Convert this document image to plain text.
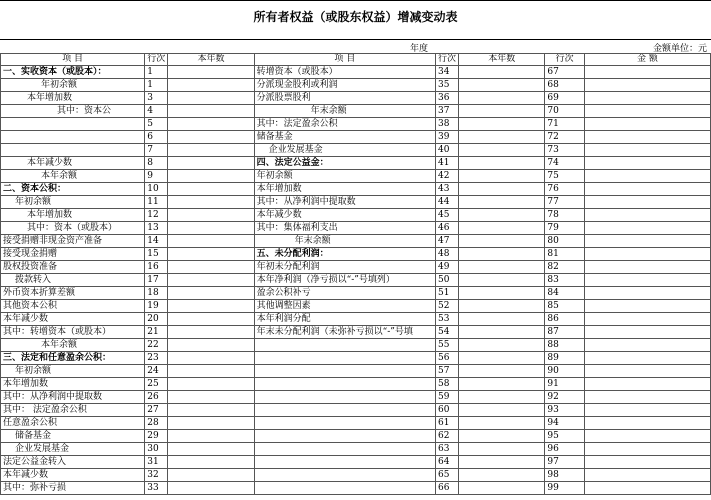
所有者权益（或股东权益）增减变动表
年度	金额单位：元
项 目	行次	本年数	项 目	行次	本年数	行次	金 额
一、实收资本（或股本）：	1		转增资本（或股本）	34		67	
年初余额	1		分派现金股利或利润	35		68	
本年增加数	3		分派股票股利	36		69	
其中：资本公	4		年末余额	37		70	
	5		其中：法定盈余公积	38		71	
	6		储备基金	39		72	
	7		企业发展基金	40		73	
本年减少数	8		四、法定公益金：	41		74	
本年余额	9		年初余额	42		75	
二、资本公积：	10		本年增加数	43		76	
年初余额	11		其中：从净利润中提取数	44		77	
本年增加数	12		本年减少数	45		78	
其中：资本（或股本）	13		其中：集体福利支出	46		79	
接受捐赠非现金资产准备	14		年末余额	47		80	
接受现金捐赠	15		五、未分配利润：	48		81	
股权投资准备	16		年初未分配利润	49		82	
拨款转入	17		本年净利润（净亏损以“-”号填列）	50		83	
外币资本折算差额	18		盈余公积补亏	51		84	
其他资本公积	19		其他调整因素	52		85	
本年减少数	20		本年利润分配	53		86	
其中：转增资本（或股本）	21		年末未分配利润（未弥补亏损以“-”号填	54		87	
本年余额	22			55		88	
三、法定和任意盈余公积：	23			56		89	
年初余额	24			57		90	
本年增加数	25			58		91	
其中：从净利润中提取数	26			59		92	
其中： 法定盈余公积	27			60		93	
任意盈余公积	28			61		94	
储备基金	29			62		95	
企业发展基金	30			63		96	
法定公益金转入	31			64		97	
本年减少数	32			65		98	
其中：弥补亏损	33			66		99	
